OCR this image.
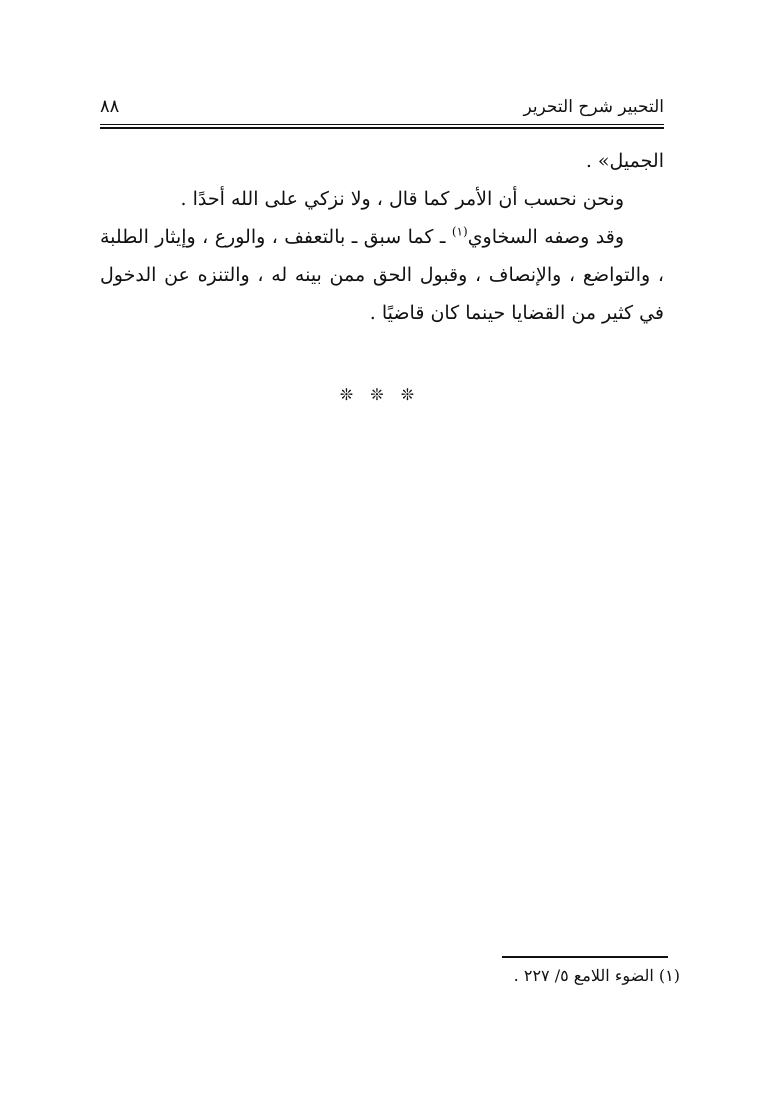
التحبير شرح التحرير
٨٨

الجميل» .

ونحن نحسب أن الأمر كما قال ، ولا نزكي على الله أحدًا .

وقد وصفه السخاوي$^{(١)}$ ـ كما سبق ـ بالتعفف ، والورع ، وإيثار الطلبة ، والتواضع ، والإنصاف ، وقبول الحق ممن بينه له ، والتنزه عن الدخول في كثير من القضايا حينما كان قاضيًا .

❊ ❊ ❊
(١) الضوء اللامع ٥/ ٢٢٧ .
